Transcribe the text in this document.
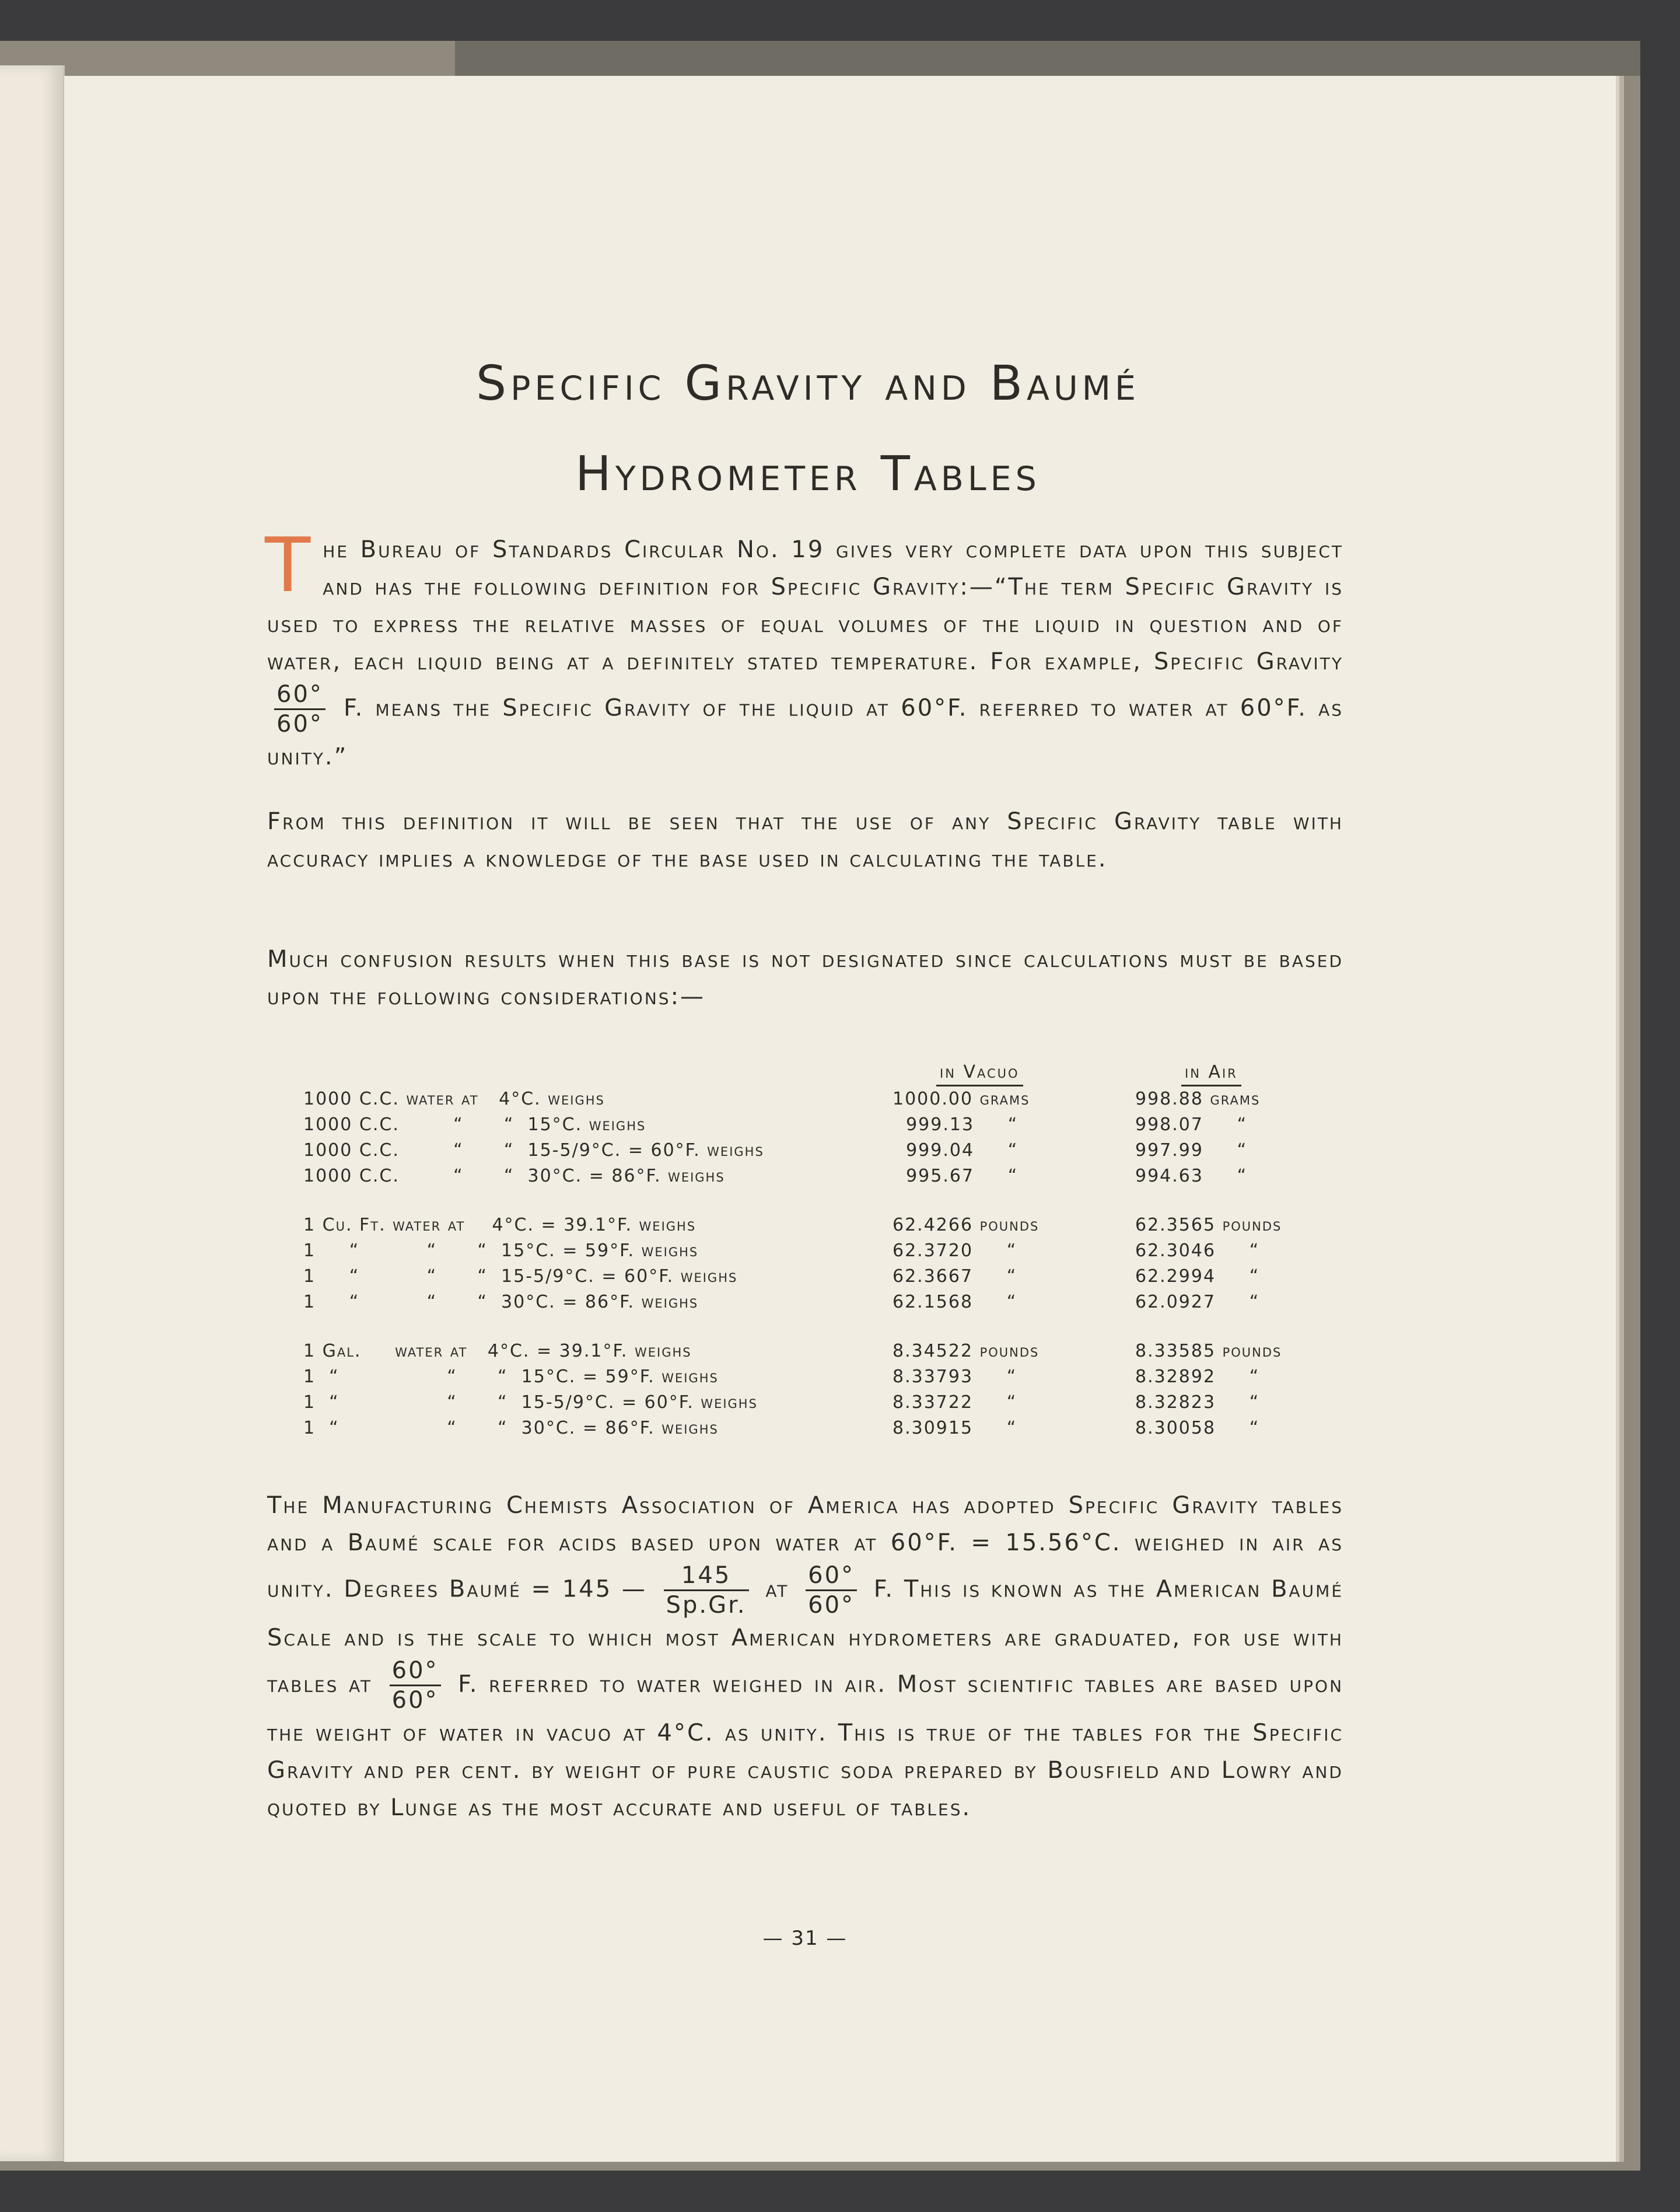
Specific Gravity and Baumé
Hydrometer Tables

T he Bureau of Standards Circular No. 19 gives very complete data upon this subject and has the following definition for Specific Gravity:—“The term Specific Gravity is used to express the relative masses of equal volumes of the liquid in question and of water, each liquid being at a definitely stated temperature. For example, Specific Gravity
$\frac{60^\circ}{60^\circ} F$. means the Specific Gravity of the liquid at 60°F. referred to water at 60°F. as unity.”

From this definition it will be seen that the use of any Specific Gravity table with accuracy implies a knowledge of the base used in calculating the table.

Much confusion results when this base is not designated since calculations must be based upon the following considerations:—

in Vacuo	in Air
1000 C.C. water at   4°C. weighs	1000.00 grams	998.88 grams
1000 C.C.        “      “  15°C. weighs	999.13     “	998.07     “
1000 C.C.        “      “  15-5/9°C. = 60°F. weighs	999.04     “	997.99     “
1000 C.C.        “      “  30°C. = 86°F. weighs	995.67     “	994.63     “
1 Cu. Ft. water at    4°C. = 39.1°F. weighs	62.4266 pounds	62.3565 pounds
1     “          “      “  15°C. = 59°F. weighs	62.3720     “	62.3046     “
1     “          “      “  15-5/9°C. = 60°F. weighs	62.3667     “	62.2994     “
1     “          “      “  30°C. = 86°F. weighs	62.1568     “	62.0927     “
1 Gal.     water at   4°C. = 39.1°F. weighs	8.34522 pounds	8.33585 pounds
1  “                “      “  15°C. = 59°F. weighs	8.33793     “	8.32892     “
1  “                “      “  15-5/9°C. = 60°F. weighs	8.33722     “	8.32823     “
1  “                “      “  30°C. = 86°F. weighs	8.30915     “	8.30058     “

The Manufacturing Chemists Association of America has adopted Specific Gravity tables and a Baumé scale for acids based upon water at 60°F. = 15.56°C. weighed in air as unity. Degrees Baumé = 145 — $\frac{145}{Sp.Gr.}$ at $\frac{60^\circ}{60^\circ} F$. This is known as the American Baumé Scale and is the scale to which most American hydrometers are graduated, for use with tables at $\frac{60^\circ}{60^\circ} F$. referred to water weighed in air. Most scientific tables are based upon the weight of water in vacuo at 4°C. as unity. This is true of the tables for the Specific Gravity and per cent. by weight of pure caustic soda prepared by Bousfield and Lowry and quoted by Lunge as the most accurate and useful of tables.

— 31 —
